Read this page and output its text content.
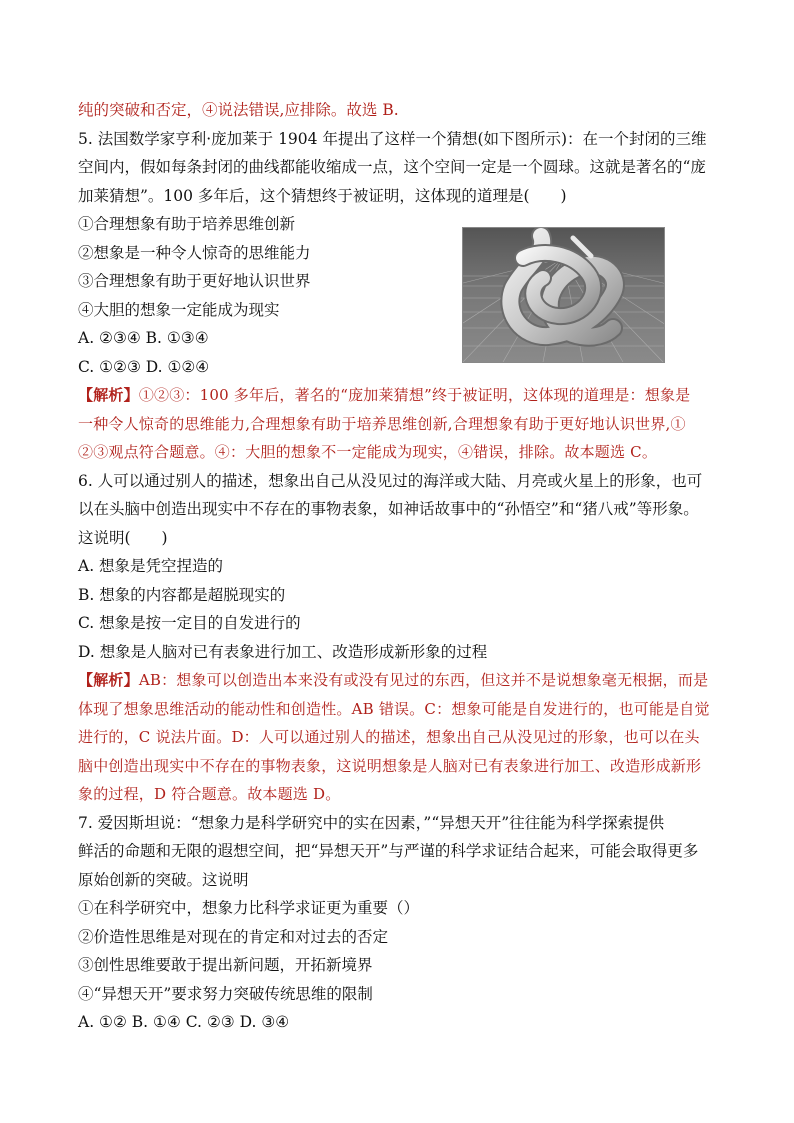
纯的突破和否定，④说法错误,应排除。故选 B.

5. 法国数学家亨利·庞加莱于 1904 年提出了这样一个猜想(如下图所示)：在一个封闭的三维

空间内，假如每条封闭的曲线都能收缩成一点，这个空间一定是一个圆球。这就是著名的“庞

加莱猜想”。100 多年后，这个猜想终于被证明，这体现的道理是(　　)

①合理想象有助于培养思维创新

②想象是一种令人惊奇的思维能力

③合理想象有助于更好地认识世界

④大胆的想象一定能成为现实

A. ②③④ B. ①③④

C. ①②③ D. ①②④

【解析】①②③：100 多年后，著名的“庞加莱猜想”终于被证明，这体现的道理是：想象是

一种令人惊奇的思维能力,合理想象有助于培养思维创新,合理想象有助于更好地认识世界,①

②③观点符合题意。④：大胆的想象不一定能成为现实，④错误，排除。故本题选 C。

6. 人可以通过别人的描述，想象出自己从没见过的海洋或大陆、月亮或火星上的形象，也可

以在头脑中创造出现实中不存在的事物表象，如神话故事中的“孙悟空”和“猪八戒”等形象。

这说明(　　)

A. 想象是凭空捏造的

B. 想象的内容都是超脱现实的

C. 想象是按一定目的自发进行的

D. 想象是人脑对已有表象进行加工、改造形成新形象的过程

【解析】AB：想象可以创造出本来没有或没有见过的东西，但这并不是说想象毫无根据，而是

体现了想象思维活动的能动性和创造性。AB 错误。C：想象可能是自发进行的，也可能是自觉

进行的，C 说法片面。D：人可以通过别人的描述，想象出自己从没见过的形象，也可以在头

脑中创造出现实中不存在的事物表象，这说明想象是人脑对已有表象进行加工、改造形成新形

象的过程，D 符合题意。故本题选 D。

7. 爱因斯坦说：“想象力是科学研究中的实在因素，”“异想天开”往往能为科学探索提供

鲜活的命题和无限的遐想空间，把“异想天开”与严谨的科学求证结合起来，可能会取得更多

原始创新的突破。这说明

①在科学研究中，想象力比科学求证更为重要（）

②价造性思维是对现在的肯定和对过去的否定

③创性思维要敢于提出新问题，开拓新境界

④“异想天开”要求努力突破传统思维的限制

A. ①② B. ①④ C. ②③ D. ③④
